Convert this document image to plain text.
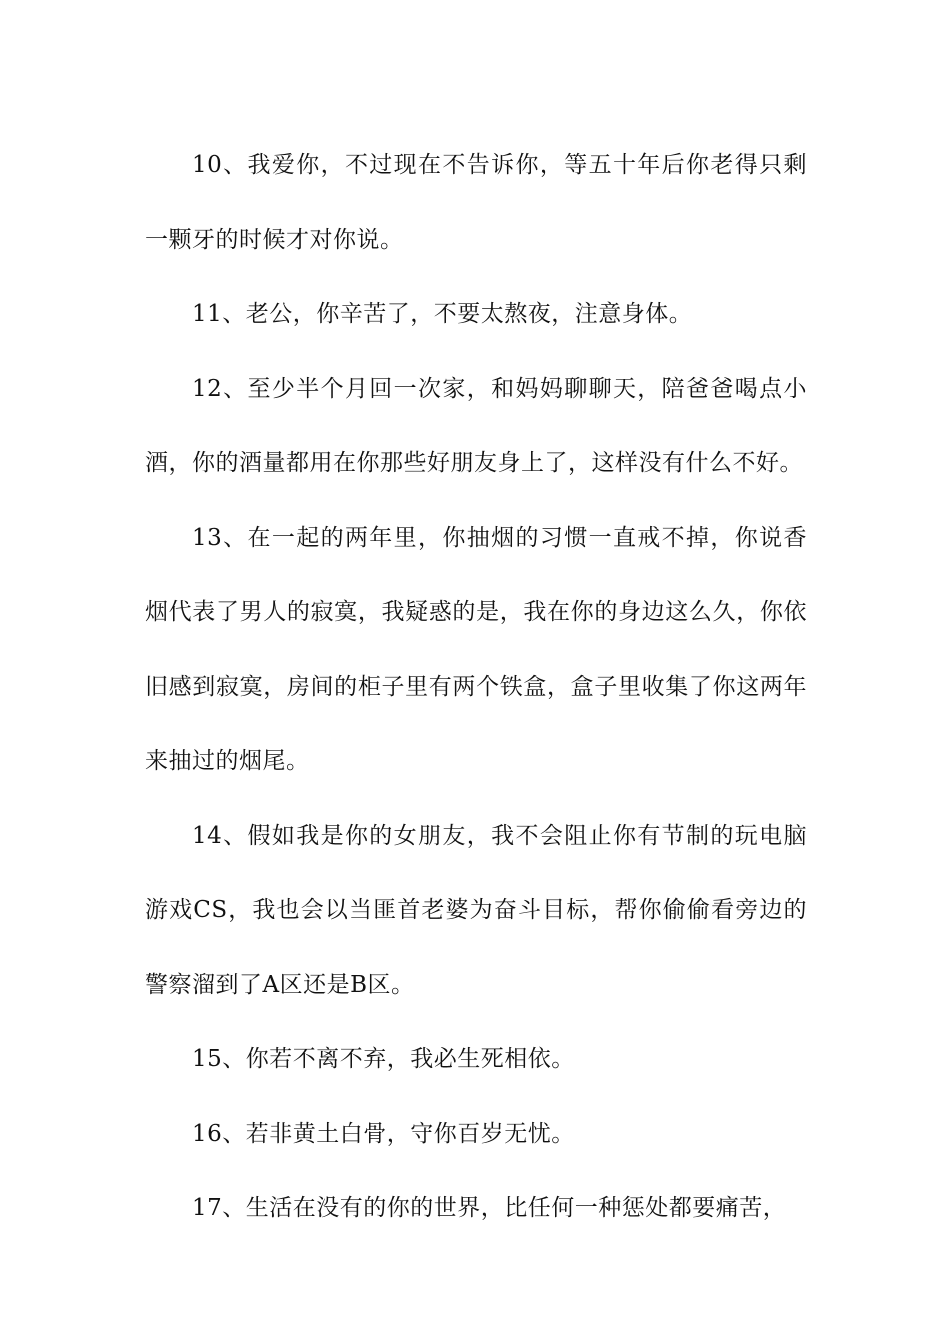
10、我爱你，不过现在不告诉你，等五十年后你老得只剩一颗牙的时候才对你说。

11、老公，你辛苦了，不要太熬夜，注意身体。

12、至少半个月回一次家，和妈妈聊聊天，陪爸爸喝点小酒，你的酒量都用在你那些好朋友身上了，这样没有什么不好。

13、在一起的两年里，你抽烟的习惯一直戒不掉，你说香烟代表了男人的寂寞，我疑惑的是，我在你的身边这么久，你依旧感到寂寞，房间的柜子里有两个铁盒，盒子里收集了你这两年来抽过的烟尾。

14、假如我是你的女朋友，我不会阻止你有节制的玩电脑游戏CS，我也会以当匪首老婆为奋斗目标，帮你偷偷看旁边的警察溜到了A区还是B区。

15、你若不离不弃，我必生死相依。

16、若非黄土白骨，守你百岁无忧。

17、生活在没有的你的世界，比任何一种惩处都要痛苦，
